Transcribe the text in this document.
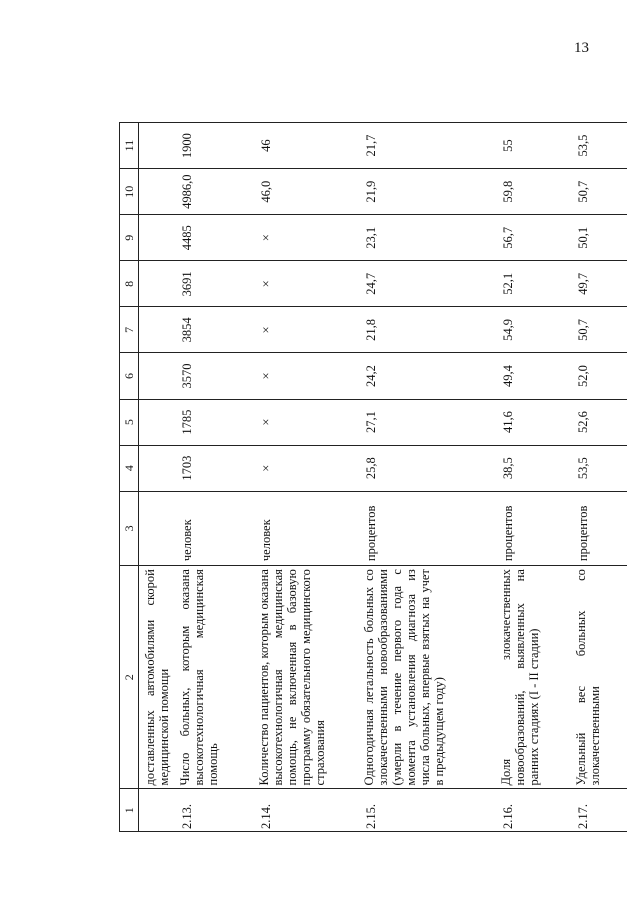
13
1	2	3	4	5	6	7	8	9	10	11
	доставленных автомобилями скорой медицинской помощи									
2.13.	Число больных, которым оказана высокотехнологичная медицинская помощь	человек	1703	1785	3570	3854	3691	4485	4986,0	1900
2.14.	Количество пациентов, которым оказана высокотехнологичная медицинская помощь, не включенная в базовую программу обязательного медицинского страхования	человек	×	×	×	×	×	×	46,0	46
2.15.	Одногодичная летальность больных со злокачественными новообразованиями (умерли в течение первого года с момента установления диагноза из числа больных, впервые взятых на учет в предыдущем году)	процентов	25,8	27,1	24,2	21,8	24,7	23,1	21,9	21,7
2.16.	Доля злокачественных новообразований, выявленных на ранних стадиях (I - II стадии)	процентов	38,5	41,6	49,4	54,9	52,1	56,7	59,8	55
2.17.	Удельный вес больных со злокачественными	процентов	53,5	52,6	52,0	50,7	49,7	50,1	50,7	53,5
